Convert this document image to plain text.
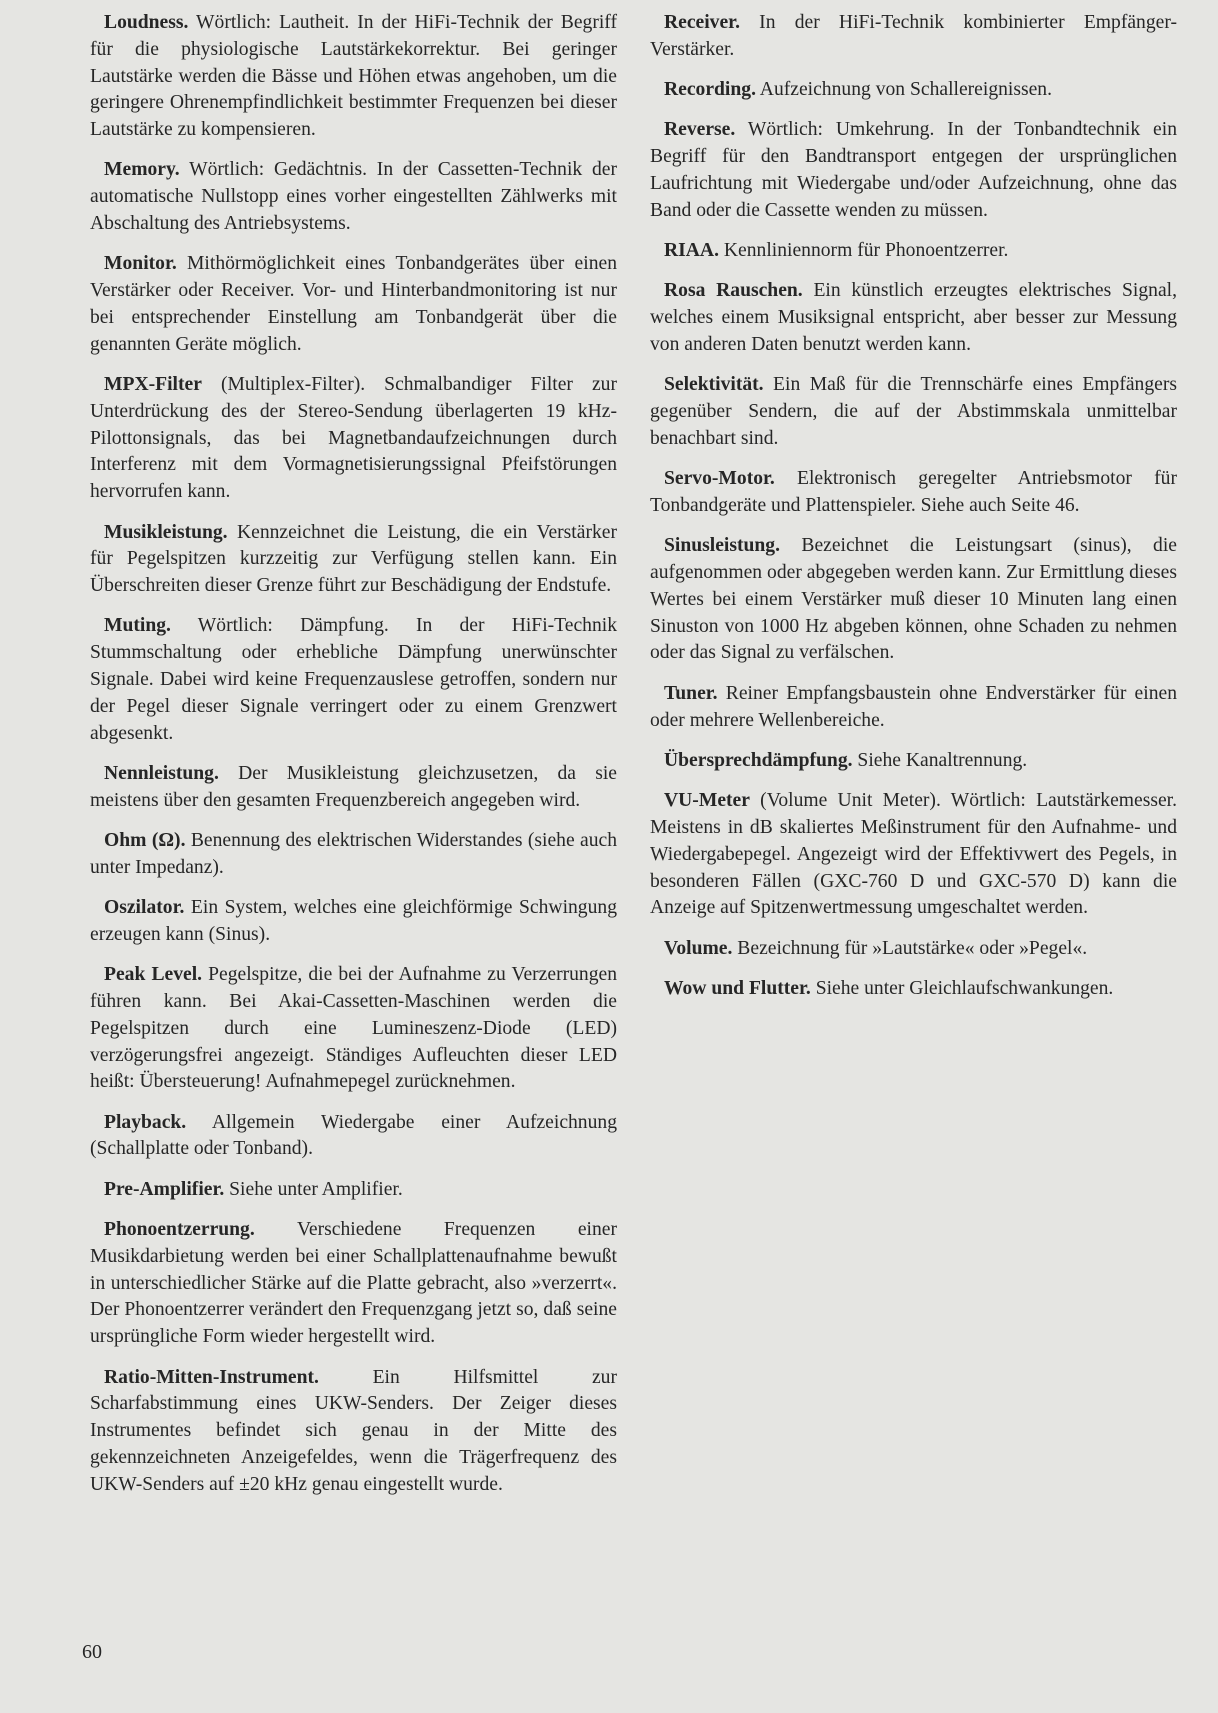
Loudness. Wörtlich: Lautheit. In der HiFi-Technik der Begriff für die physiologische Lautstärkekorrektur. Bei geringer Lautstärke werden die Bässe und Höhen etwas angehoben, um die geringere Ohrenempfindlichkeit bestimmter Frequenzen bei dieser Lautstärke zu kompensieren.

Memory. Wörtlich: Gedächtnis. In der Cassetten-Technik der automatische Nullstopp eines vorher eingestellten Zählwerks mit Abschaltung des Antriebsystems.

Monitor. Mithörmöglichkeit eines Tonbandgerätes über einen Verstärker oder Receiver. Vor- und Hinterbandmonitoring ist nur bei entsprechender Einstellung am Tonbandgerät über die genannten Geräte möglich.

MPX-Filter (Multiplex-Filter). Schmalbandiger Filter zur Unterdrückung des der Stereo-Sendung überlagerten 19 kHz-Pilottonsignals, das bei Magnetbandaufzeichnungen durch Interferenz mit dem Vormagnetisierungssignal Pfeifstörungen hervorrufen kann.

Musikleistung. Kennzeichnet die Leistung, die ein Verstärker für Pegelspitzen kurzzeitig zur Verfügung stellen kann. Ein Überschreiten dieser Grenze führt zur Beschädigung der Endstufe.

Muting. Wörtlich: Dämpfung. In der HiFi-Technik Stummschaltung oder erhebliche Dämpfung unerwünschter Signale. Dabei wird keine Frequenzauslese getroffen, sondern nur der Pegel dieser Signale verringert oder zu einem Grenzwert abgesenkt.

Nennleistung. Der Musikleistung gleichzusetzen, da sie meistens über den gesamten Frequenzbereich angegeben wird.

Ohm (Ω). Benennung des elektrischen Widerstandes (siehe auch unter Impedanz).

Oszilator. Ein System, welches eine gleichförmige Schwingung erzeugen kann (Sinus).

Peak Level. Pegelspitze, die bei der Aufnahme zu Verzerrungen führen kann. Bei Akai-Cassetten-Maschinen werden die Pegelspitzen durch eine Lumineszenz-Diode (LED) verzögerungsfrei angezeigt. Ständiges Aufleuchten dieser LED heißt: Übersteuerung! Aufnahmepegel zurücknehmen.

Playback. Allgemein Wiedergabe einer Aufzeichnung (Schallplatte oder Tonband).

Pre-Amplifier. Siehe unter Amplifier.

Phonoentzerrung. Verschiedene Frequenzen einer Musikdarbietung werden bei einer Schallplattenaufnahme bewußt in unterschiedlicher Stärke auf die Platte gebracht, also »verzerrt«. Der Phonoentzerrer verändert den Frequenzgang jetzt so, daß seine ursprüngliche Form wieder hergestellt wird.

Ratio-Mitten-Instrument. Ein Hilfsmittel zur Scharfabstimmung eines UKW-Senders. Der Zeiger dieses Instrumentes befindet sich genau in der Mitte des gekennzeichneten Anzeigefeldes, wenn die Trägerfrequenz des UKW-Senders auf ±20 kHz genau eingestellt wurde.

Receiver. In der HiFi-Technik kombinierter Empfänger-Verstärker.

Recording. Aufzeichnung von Schallereignissen.

Reverse. Wörtlich: Umkehrung. In der Tonbandtechnik ein Begriff für den Bandtransport entgegen der ursprünglichen Laufrichtung mit Wiedergabe und/oder Aufzeichnung, ohne das Band oder die Cassette wenden zu müssen.

RIAA. Kennliniennorm für Phonoentzerrer.

Rosa Rauschen. Ein künstlich erzeugtes elektrisches Signal, welches einem Musiksignal entspricht, aber besser zur Messung von anderen Daten benutzt werden kann.

Selektivität. Ein Maß für die Trennschärfe eines Empfängers gegenüber Sendern, die auf der Abstimmskala unmittelbar benachbart sind.

Servo-Motor. Elektronisch geregelter Antriebsmotor für Tonbandgeräte und Plattenspieler. Siehe auch Seite 46.

Sinusleistung. Bezeichnet die Leistungsart (sinus), die aufgenommen oder abgegeben werden kann. Zur Ermittlung dieses Wertes bei einem Verstärker muß dieser 10 Minuten lang einen Sinuston von 1000 Hz abgeben können, ohne Schaden zu nehmen oder das Signal zu verfälschen.

Tuner. Reiner Empfangsbaustein ohne Endverstärker für einen oder mehrere Wellenbereiche.

Übersprechdämpfung. Siehe Kanaltrennung.

VU-Meter (Volume Unit Meter). Wörtlich: Lautstärkemesser. Meistens in dB skaliertes Meßinstrument für den Aufnahme- und Wiedergabepegel. Angezeigt wird der Effektivwert des Pegels, in besonderen Fällen (GXC-760 D und GXC-570 D) kann die Anzeige auf Spitzenwertmessung umgeschaltet werden.

Volume. Bezeichnung für »Lautstärke« oder »Pegel«.

Wow und Flutter. Siehe unter Gleichlaufschwankungen.

60
